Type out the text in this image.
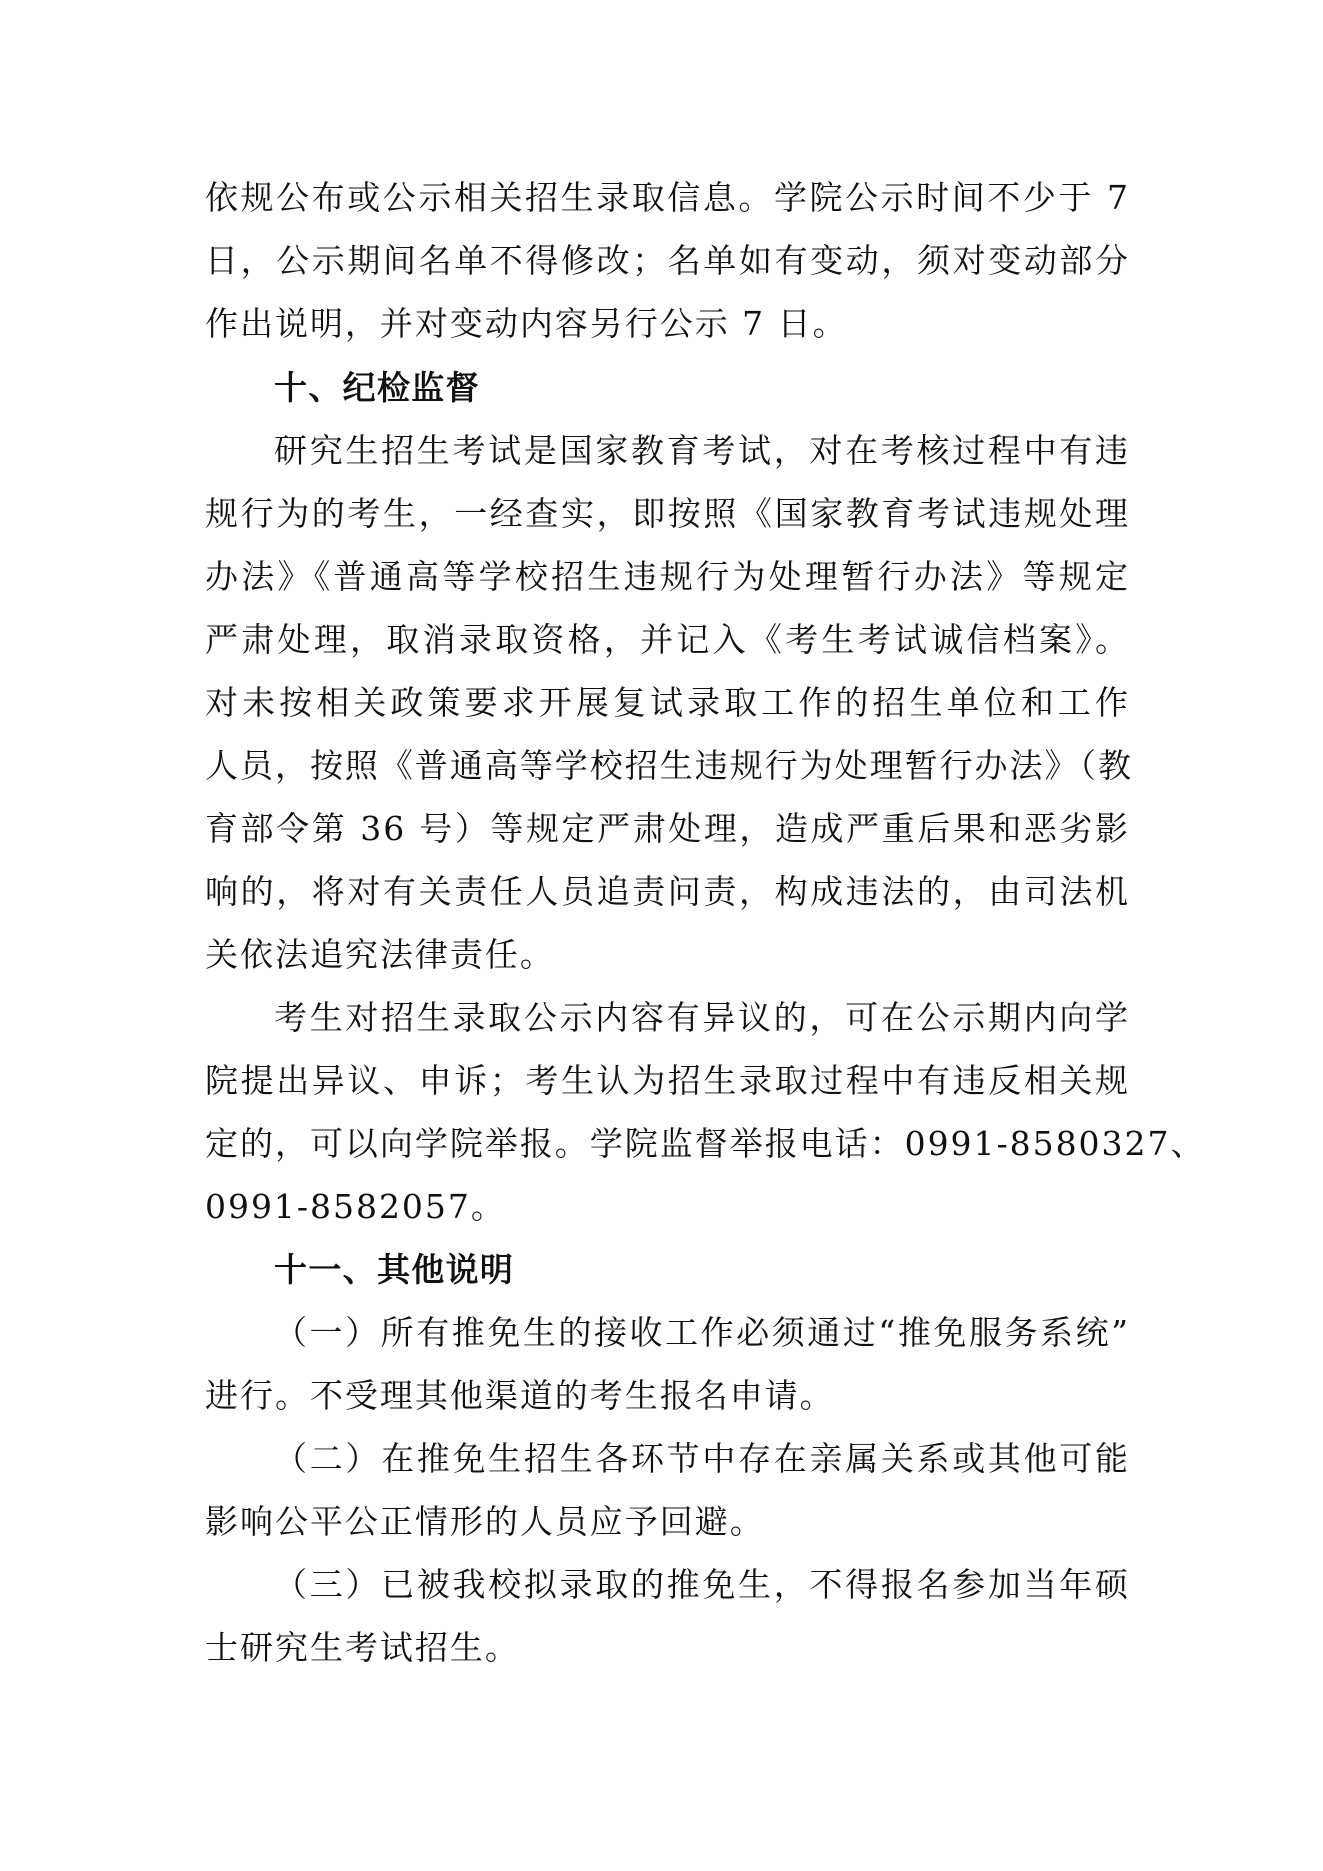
依规公布或公示相关招生录取信息。学院公示时间不少于 7
日，公示期间名单不得修改；名单如有变动，须对变动部分
作出说明，并对变动内容另行公示 7 日。
十、纪检监督
研究生招生考试是国家教育考试，对在考核过程中有违
规行为的考生，一经查实，即按照《国家教育考试违规处理
办法》《普通高等学校招生违规行为处理暂行办法》等规定
严肃处理，取消录取资格，并记入《考生考试诚信档案》。
对未按相关政策要求开展复试录取工作的招生单位和工作
人员，按照《普通高等学校招生违规行为处理暂行办法》（教
育部令第 36 号）等规定严肃处理，造成严重后果和恶劣影
响的，将对有关责任人员追责问责，构成违法的，由司法机
关依法追究法律责任。
考生对招生录取公示内容有异议的，可在公示期内向学
院提出异议、申诉；考生认为招生录取过程中有违反相关规
定的，可以向学院举报。学院监督举报电话：0991-8580327、
0991-8582057。
十一、其他说明
（一）所有推免生的接收工作必须通过“推免服务系统”
进行。不受理其他渠道的考生报名申请。
（二）在推免生招生各环节中存在亲属关系或其他可能
影响公平公正情形的人员应予回避。
（三）已被我校拟录取的推免生，不得报名参加当年硕
士研究生考试招生。
